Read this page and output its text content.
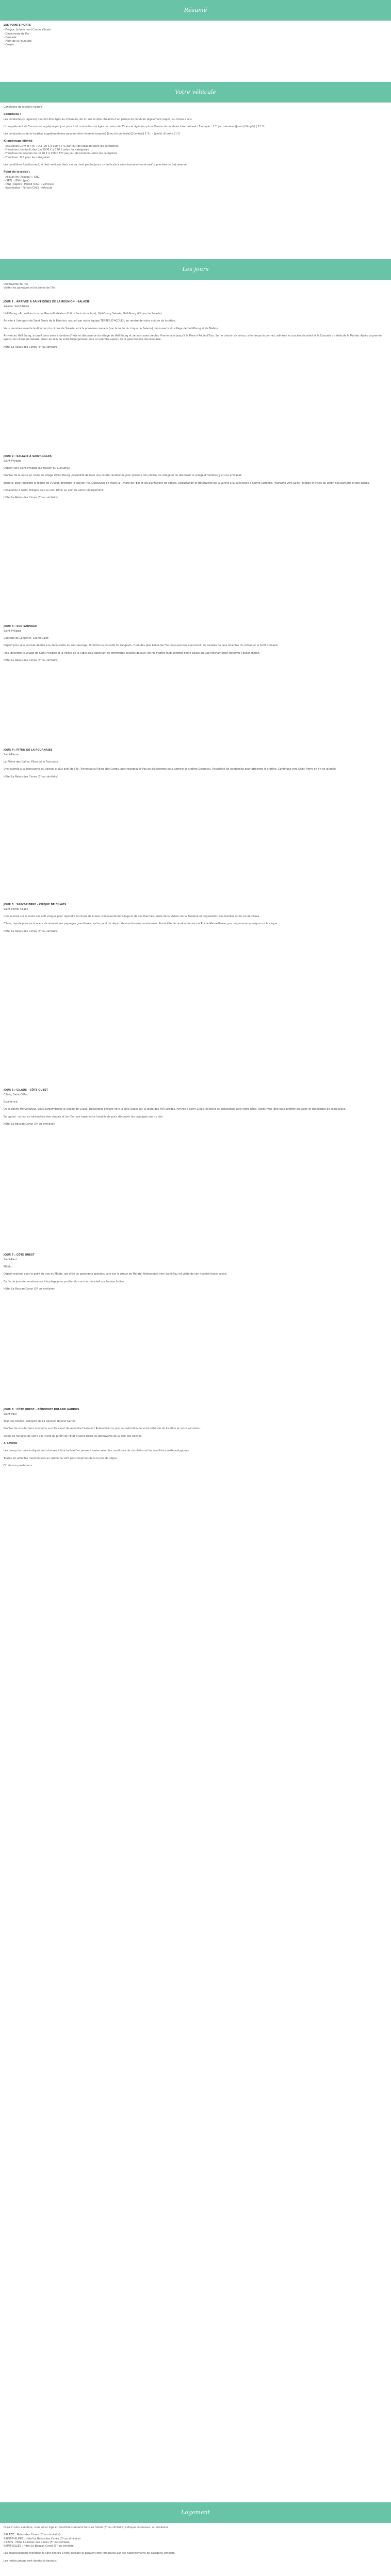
Résumé

LES POINTS FORTS

- Prague, bohem nord Czecks (Saxe)
- Découverte de Pin
- Cascade
- Plein de la Poursuite
- Croyez
Votre véhicule

Conditions de location voiture

Conditions :

Les conducteurs (agence) devront être âgés au minimum, de 21 ans et être titulaires d'un permis de conduire (également requis) ou moins 2 ans.

Un supplément de 5 euros est appliqué par jour pour tout conducteur(s) âgés de moins de 23 ans et âgés (ou plus). Permis de conduire international - Exemple : 2 ** par semaine (Jours) (Simple) ( 21 %

Les conducteurs de la location supplémentaires peuvent être réservés (auprès) [hors (le véhicule)] [Contrat] 2 % : - (plein) d'(ordre 2) %

Kilométrage illimité

- Assurance CDW et TPC : Oui (20 € à 150 € TTC par jour de location selon les catégories.
- Franchise (montant) des (de 2500 € à 750 € selon les catégories.
- Franchise de location de (le 20 € à 150 € TTC par jour de location) selon les catégories
- Franchise : 0 € pour les catégories

Les conditions fonctionnent, si (les) véhicule (les), car ce n'est pas toujours un véhicule à votre bonne entente sauf si précisés de (le) réservé.

Point de location :

- Accueil en (Accueil/) : ORC
- (SPT) : (SM) - (par)
- (EG) (Dépôt) - Period (CAC) : véhicule
- Babyseater - Period (CAC) : véhicule
Les jours

Découverte de l'île

Visiter les paysages et les zones de l'île

JOUR 1 : ARRIVÉE À SAINT DENIS DE LA RÉUNION - SALAZIE

Salazie, Saint-Gilles

Hell-Bourg - Accueil au trou de Manouilh (Maison Folio - Saut de la Pote), Hell-Bourg Salazie, Hell-Bourg (Cirque de Salazie)

Arrivée à l'aéroport de Saint Denis de la Réunion, accueil par notre équipe TERRES D'ACCUEIL en remise de votre voiture de location.

Vous prendrez ensuite la direction du cirque de Salazie, et à la première cascade (par la route du cirque de Salazie), découverte du village de Hell-Bourg et de Mafate.

Arrivée au Hell Bourg, accueil dans votre chambre d'hôte et découverte du village de Hell-Bourg et de ses cases créoles. Promenade jusqu'à la Mare à Poule d'Eau. Sur le chemin de retour, si le temps le permet, admirez le coucher de soleil et la Cascade du Voile de la Mariée. Après ce premier aperçu du cirque de Salazie, dîner au sein de votre hébergement pour un premier aperçu de la gastronomie réunionnaise.

Hôtel Le Relais des Cimes (3* ou similaire)

JOUR 2 : SALAZIE À SAINT-GILLES

Saint-Philippe

Départ vers Saint-Philippe (La Maison du Curcuma)

Profitez de la route en route du village d'Hell Bourg, possibilité de faire une courte randonnée pour prendre des photos du village et de découvrir le village d'Hell-Bourg et son artisanat.

Ensuite, pour rejoindre la région de l'Ouest, direction le sud de l'île. Découvrez en route la Rivière de l'Est et les plantations de vanille. Dégustation et découverte de la vanille à la Vanilleraie à Sainte-Suzanne. Poursuite vers Saint-Philippe et visite du jardin des parfums et des épices.

Installation à Saint-Philippe pour la nuit. Dîner au sein de votre hébergement.

Hôtel Le Relais des Cimes (3* ou similaire)

JOUR 3 : SUD SAUVAGE

Saint-Philippe

Cascade de Langevin, Grand Galet

Départ pour une journée dédiée à la découverte du sud sauvage. Direction la cascade de Langevin, l'une des plus belles de l'île. Vous pourrez apercevoir les coulées de lave récentes du volcan et la forêt primaire.

Puis, direction le village de Saint-Philippe et la Pointe de la Table pour observer les différentes coulées de lave. En fin d'après-midi, profitez d'une pause au Cap Méchant pour observer l'océan Indien.

Hôtel Le Relais des Cimes (3* ou similaire)

JOUR 4 : PITON DE LA FOURNAISE

Saint-Pierre

La Plaine des Cafres, Piton de la Fournaise

Une journée à la découverte du volcan le plus actif de l'île. Traversez la Plaine des Cafres, puis rejoignez le Pas de Bellecombe pour admirer le cratère Dolomieu. Possibilité de randonnée pour atteindre le cratère. Continuez vers Saint-Pierre en fin de journée.

Hôtel Le Relais des Cimes (3* ou similaire)

JOUR 5 : SAINT-PIERRE - CIRQUE DE CILAOS

Saint-Pierre, Cilaos

Une journée sur la route des 400 virages pour rejoindre le cirque de Cilaos. Découverte du village et de ses thermes, visite de la Maison de la Broderie et dégustation des lentilles et du vin de Cilaos.

Cilaos, réputé pour sa douceur de vivre et ses paysages grandioses, est le point de départ de nombreuses randonnées. Possibilité de randonnée vers la Roche Merveilleuse pour un panorama unique sur le cirque.

Hôtel Le Relais des Cimes (3* ou similaire)

JOUR 6 : CILAOS - CÔTE OUEST

Cilaos, Saint-Gilles

Excellence

De la Roche Merveilleuse, vous surplomberez le village de Cilaos. Descendez ensuite vers la côte Ouest par la route des 400 virages. Arrivée à Saint-Gilles-les-Bains et installation dans votre hôtel. Après-midi libre pour profiter du lagon et des plages de sable blanc.

En option : survol en hélicoptère des cirques et de l'île, une expérience inoubliable pour découvrir les paysages vus du ciel.

Hôtel Le Boucan Canot (3* ou similaire)

JOUR 7 : CÔTE OUEST

Saint-Paul

Maïdo

Départ matinal pour le point de vue du Maïdo, qui offre un panorama spectaculaire sur le cirque de Mafate. Redescente vers Saint-Paul et visite de son marché forain coloré.

En fin de journée, rendez-vous à la plage pour profiter du coucher du soleil sur l'océan Indien.

Hôtel Le Boucan Canot (3* ou similaire)

JOUR 8 : CÔTE OUEST - AÉROPORT ROLAND GARROS

Saint-Paul

Tour des Roches, Aéroport de La Réunion Roland Garros

Profitez de vos derniers moments sur l'île avant de rejoindre l'aéroport Roland Garros pour la restitution de votre véhicule de location et votre vol retour.

Selon les horaires de votre vol, visite du Jardin de l'État à Saint-Denis ou découverte de la Tour des Roches.

A SAVOIR

Les temps de route indiqués sont donnés à titre indicatif et peuvent varier selon les conditions de circulation et les conditions météorologiques.

Toutes les activités mentionnées en option ne sont pas comprises dans le prix du séjour.

Fin de nos prestations.

Logement

Durant votre aventure, vous serez logé en chambre standard dans les hôtels (3* ou similaire) indiqués ci-dessous, ou similaires.

SALAZIE : Relais des Cimes (3* ou similaire)
SAINT-PHILIPPE : Hôtel Le Relais des Cimes (3* ou similaire)
CILAOS : Hôtel Le Relais des Cimes (3* ou similaire)
SAINT-GILLES : Hôtel Le Boucan Canot (3* ou similaire)

Les établissements mentionnés sont donnés à titre indicatif et peuvent être remplacés par des hébergements de catégorie similaire.

Les hôtels prévus sont décrits ci-dessous.
